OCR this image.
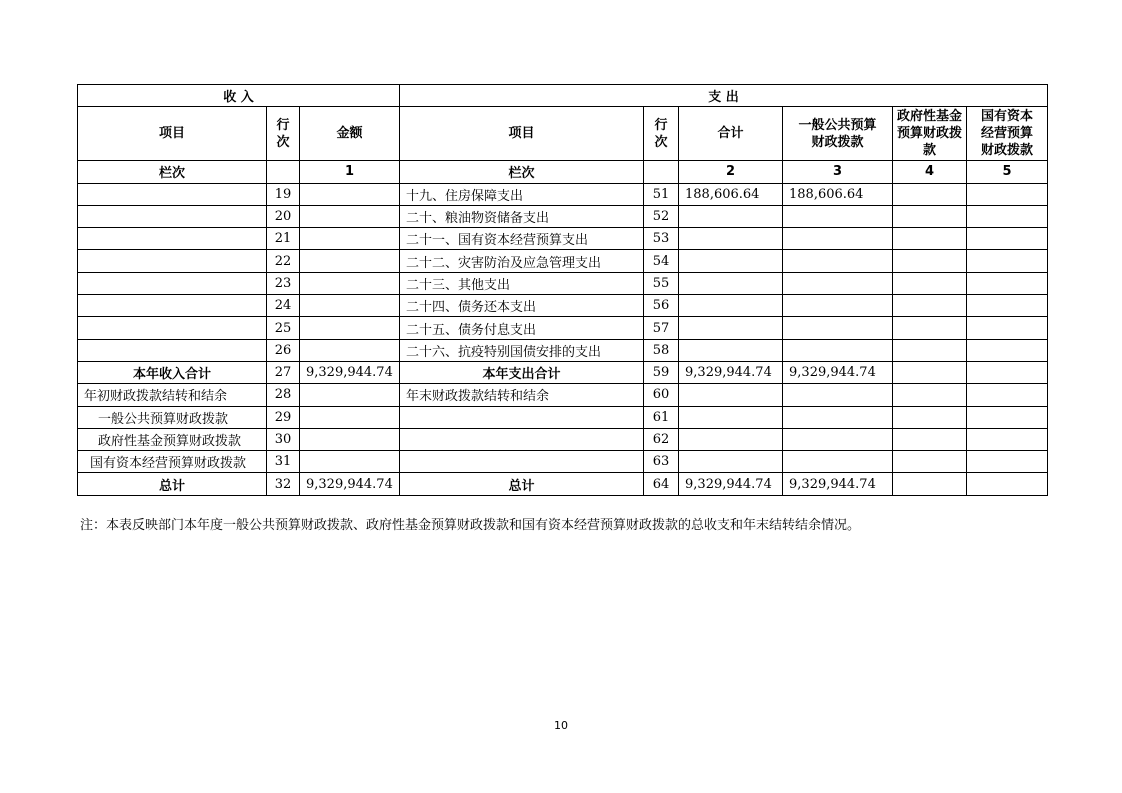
收 入			支 出					
项目	行次	金额	项目	行次	合计	一般公共预算财政拨款	政府性基金预算财政拨款	国有资本经营预算财政拨款
栏次		1	栏次		2	3	4	5
	19		十九、住房保障支出	51	188,606.64	188,606.64		
	20		二十、粮油物资储备支出	52				
	21		二十一、国有资本经营预算支出	53				
	22		二十二、灾害防治及应急管理支出	54				
	23		二十三、其他支出	55				
	24		二十四、债务还本支出	56				
	25		二十五、债务付息支出	57				
	26		二十六、抗疫特别国债安排的支出	58				
本年收入合计	27	9,329,944.74	本年支出合计	59	9,329,944.74	9,329,944.74		
年初财政拨款结转和结余	28		年末财政拨款结转和结余	60				
一般公共预算财政拨款	29			61				
政府性基金预算财政拨款	30			62				
国有资本经营预算财政拨款	31			63				
总计	32	9,329,944.74	总计	64	9,329,944.74	9,329,944.74		
注：本表反映部门本年度一般公共预算财政拨款、政府性基金预算财政拨款和国有资本经营预算财政拨款的总收支和年末结转结余情况。
10
